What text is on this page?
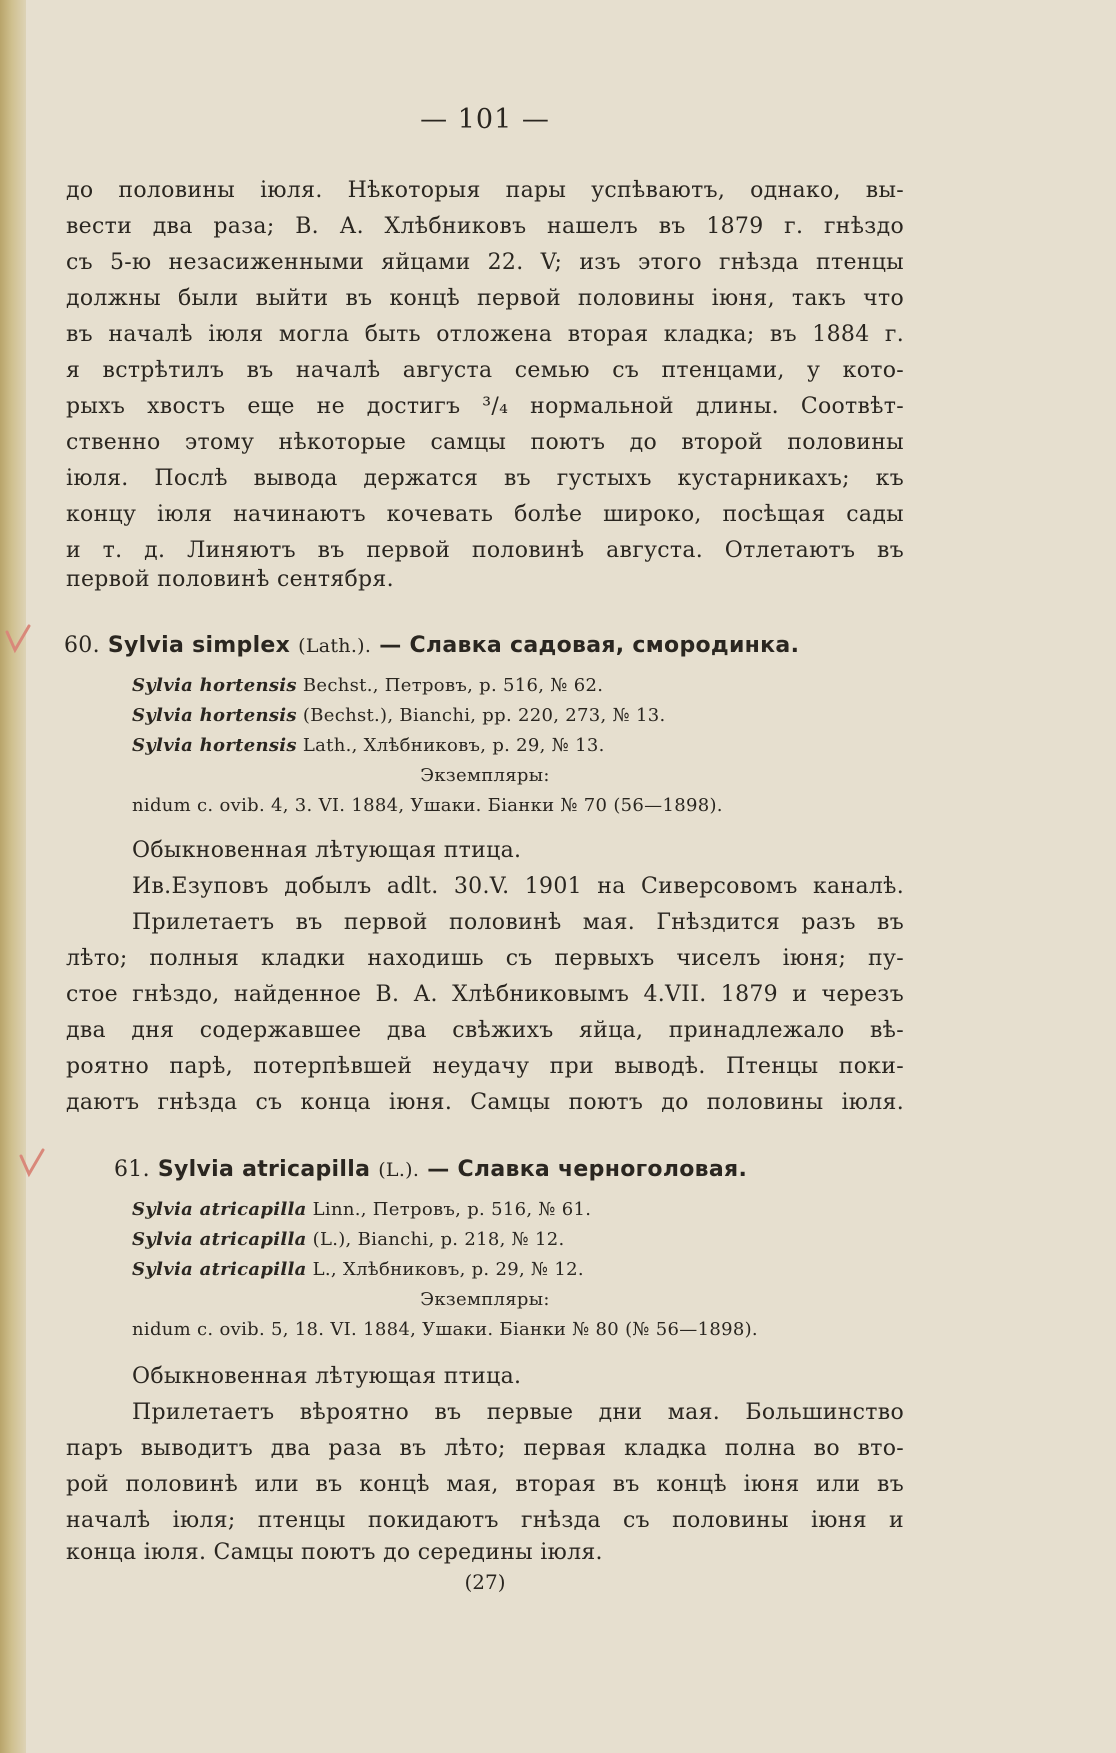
— 101 —
до половины іюля. Нѣкоторыя пары успѣваютъ, однако, вы-
вести два раза; В. А. Хлѣбниковъ нашелъ въ 1879 г. гнѣздо
съ 5-ю незасиженными яйцами 22. V; изъ этого гнѣзда птенцы
должны были выйти въ концѣ первой половины іюня, такъ что
въ началѣ іюля могла быть отложена вторая кладка; въ 1884 г.
я встрѣтилъ въ началѣ августа семью съ птенцами, у кото-
рыхъ хвостъ еще не достигъ ³/₄ нормальной длины. Соотвѣт-
ственно этому нѣкоторые самцы поютъ до второй половины
іюля. Послѣ вывода держатся въ густыхъ кустарникахъ; къ
концу іюля начинаютъ кочевать болѣе широко, посѣщая сады
и т. д. Линяютъ въ первой половинѣ августа. Отлетаютъ въ
первой половинѣ сентября.
60. Sylvia simplex (Lath.). — Славка садовая, смородинка.
Sylvia hortensis Bechst., Петровъ, p. 516, № 62.
Sylvia hortensis (Bechst.), Bianchi, pp. 220, 273, № 13.
Sylvia hortensis Lath., Хлѣбниковъ, p. 29, № 13.
Экземпляры:
nidum c. ovib. 4, 3. VI. 1884, Ушаки. Бiанки № 70 (56—1898).
Обыкновенная лѣтующая птица.
Ив.Езуповъ добылъ adlt. 30.V. 1901 на Сиверсовомъ каналѣ.
Прилетаетъ въ первой половинѣ мая. Гнѣздится разъ въ
лѣто; полныя кладки находишь съ первыхъ чиселъ іюня; пу-
стое гнѣздо, найденное В. А. Хлѣбниковымъ 4.VII. 1879 и черезъ
два дня содержавшее два свѣжихъ яйца, принадлежало вѣ-
роятно парѣ, потерпѣвшей неудачу при выводѣ. Птенцы поки-
даютъ гнѣзда съ конца іюня. Самцы поютъ до половины іюля.
61. Sylvia atricapilla (L.). — Славка черноголовая.
Sylvia atricapilla Linn., Петровъ, p. 516, № 61.
Sylvia atricapilla (L.), Bianchi, p. 218, № 12.
Sylvia atricapilla L., Хлѣбниковъ, p. 29, № 12.
Экземпляры:
nidum c. ovib. 5, 18. VI. 1884, Ушаки. Бiанки № 80 (№ 56—1898).
Обыкновенная лѣтующая птица.
Прилетаетъ вѣроятно въ первые дни мая. Большинство
паръ выводитъ два раза въ лѣто; первая кладка полна во вто-
рой половинѣ или въ концѣ мая, вторая въ концѣ іюня или въ
началѣ іюля; птенцы покидаютъ гнѣзда съ половины іюня и
конца іюля. Самцы поютъ до середины іюля.
(27)
